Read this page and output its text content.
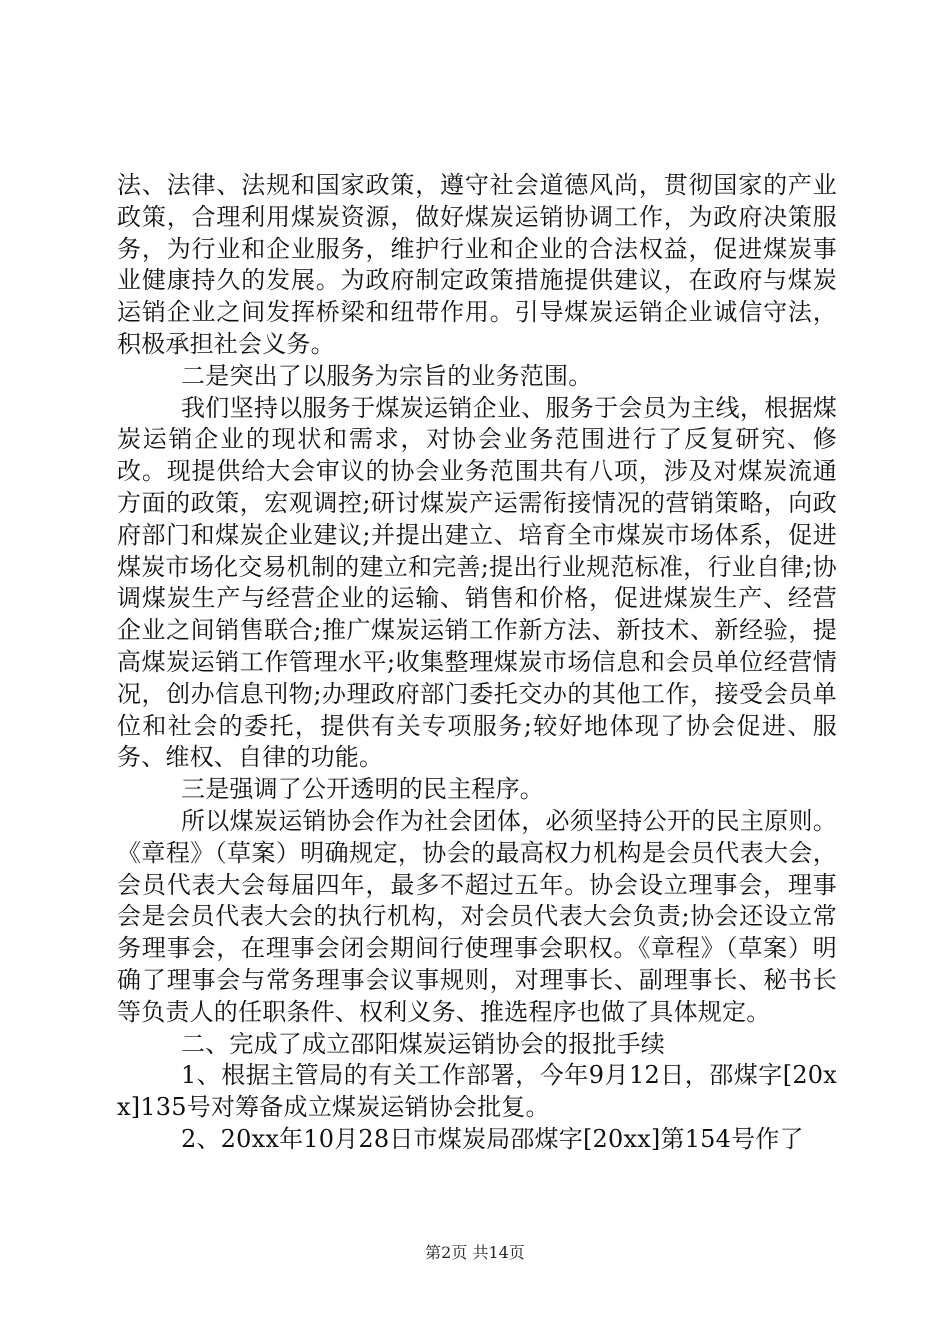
法、法律、法规和国家政策，遵守社会道德风尚，贯彻国家的产业政策，合理利用煤炭资源，做好煤炭运销协调工作，为政府决策服务，为行业和企业服务，维护行业和企业的合法权益，促进煤炭事业健康持久的发展。为政府制定政策措施提供建议，在政府与煤炭运销企业之间发挥桥梁和纽带作用。引导煤炭运销企业诚信守法，积极承担社会义务。

二是突出了以服务为宗旨的业务范围。

我们坚持以服务于煤炭运销企业、服务于会员为主线，根据煤炭运销企业的现状和需求，对协会业务范围进行了反复研究、修改。现提供给大会审议的协会业务范围共有八项，涉及对煤炭流通方面的政策，宏观调控;研讨煤炭产运需衔接情况的营销策略，向政府部门和煤炭企业建议;并提出建立、培育全市煤炭市场体系，促进煤炭市场化交易机制的建立和完善;提出行业规范标准，行业自律;协调煤炭生产与经营企业的运输、销售和价格，促进煤炭生产、经营企业之间销售联合;推广煤炭运销工作新方法、新技术、新经验，提高煤炭运销工作管理水平;收集整理煤炭市场信息和会员单位经营情况，创办信息刊物;办理政府部门委托交办的其他工作，接受会员单位和社会的委托，提供有关专项服务;较好地体现了协会促进、服务、维权、自律的功能。

三是强调了公开透明的民主程序。

所以煤炭运销协会作为社会团体，必须坚持公开的民主原则。《章程》（草案）明确规定，协会的最高权力机构是会员代表大会，会员代表大会每届四年，最多不超过五年。协会设立理事会，理事会是会员代表大会的执行机构，对会员代表大会负责;协会还设立常务理事会，在理事会闭会期间行使理事会职权。《章程》（草案）明确了理事会与常务理事会议事规则，对理事长、副理事长、秘书长等负责人的任职条件、权利义务、推选程序也做了具体规定。

二、完成了成立邵阳煤炭运销协会的报批手续

1、根据主管局的有关工作部署，今年9月12日，邵煤字[20xx]135号对筹备成立煤炭运销协会批复。

2、20xx年10月28日市煤炭局邵煤字[20xx]第154号作了

第2页 共14页
